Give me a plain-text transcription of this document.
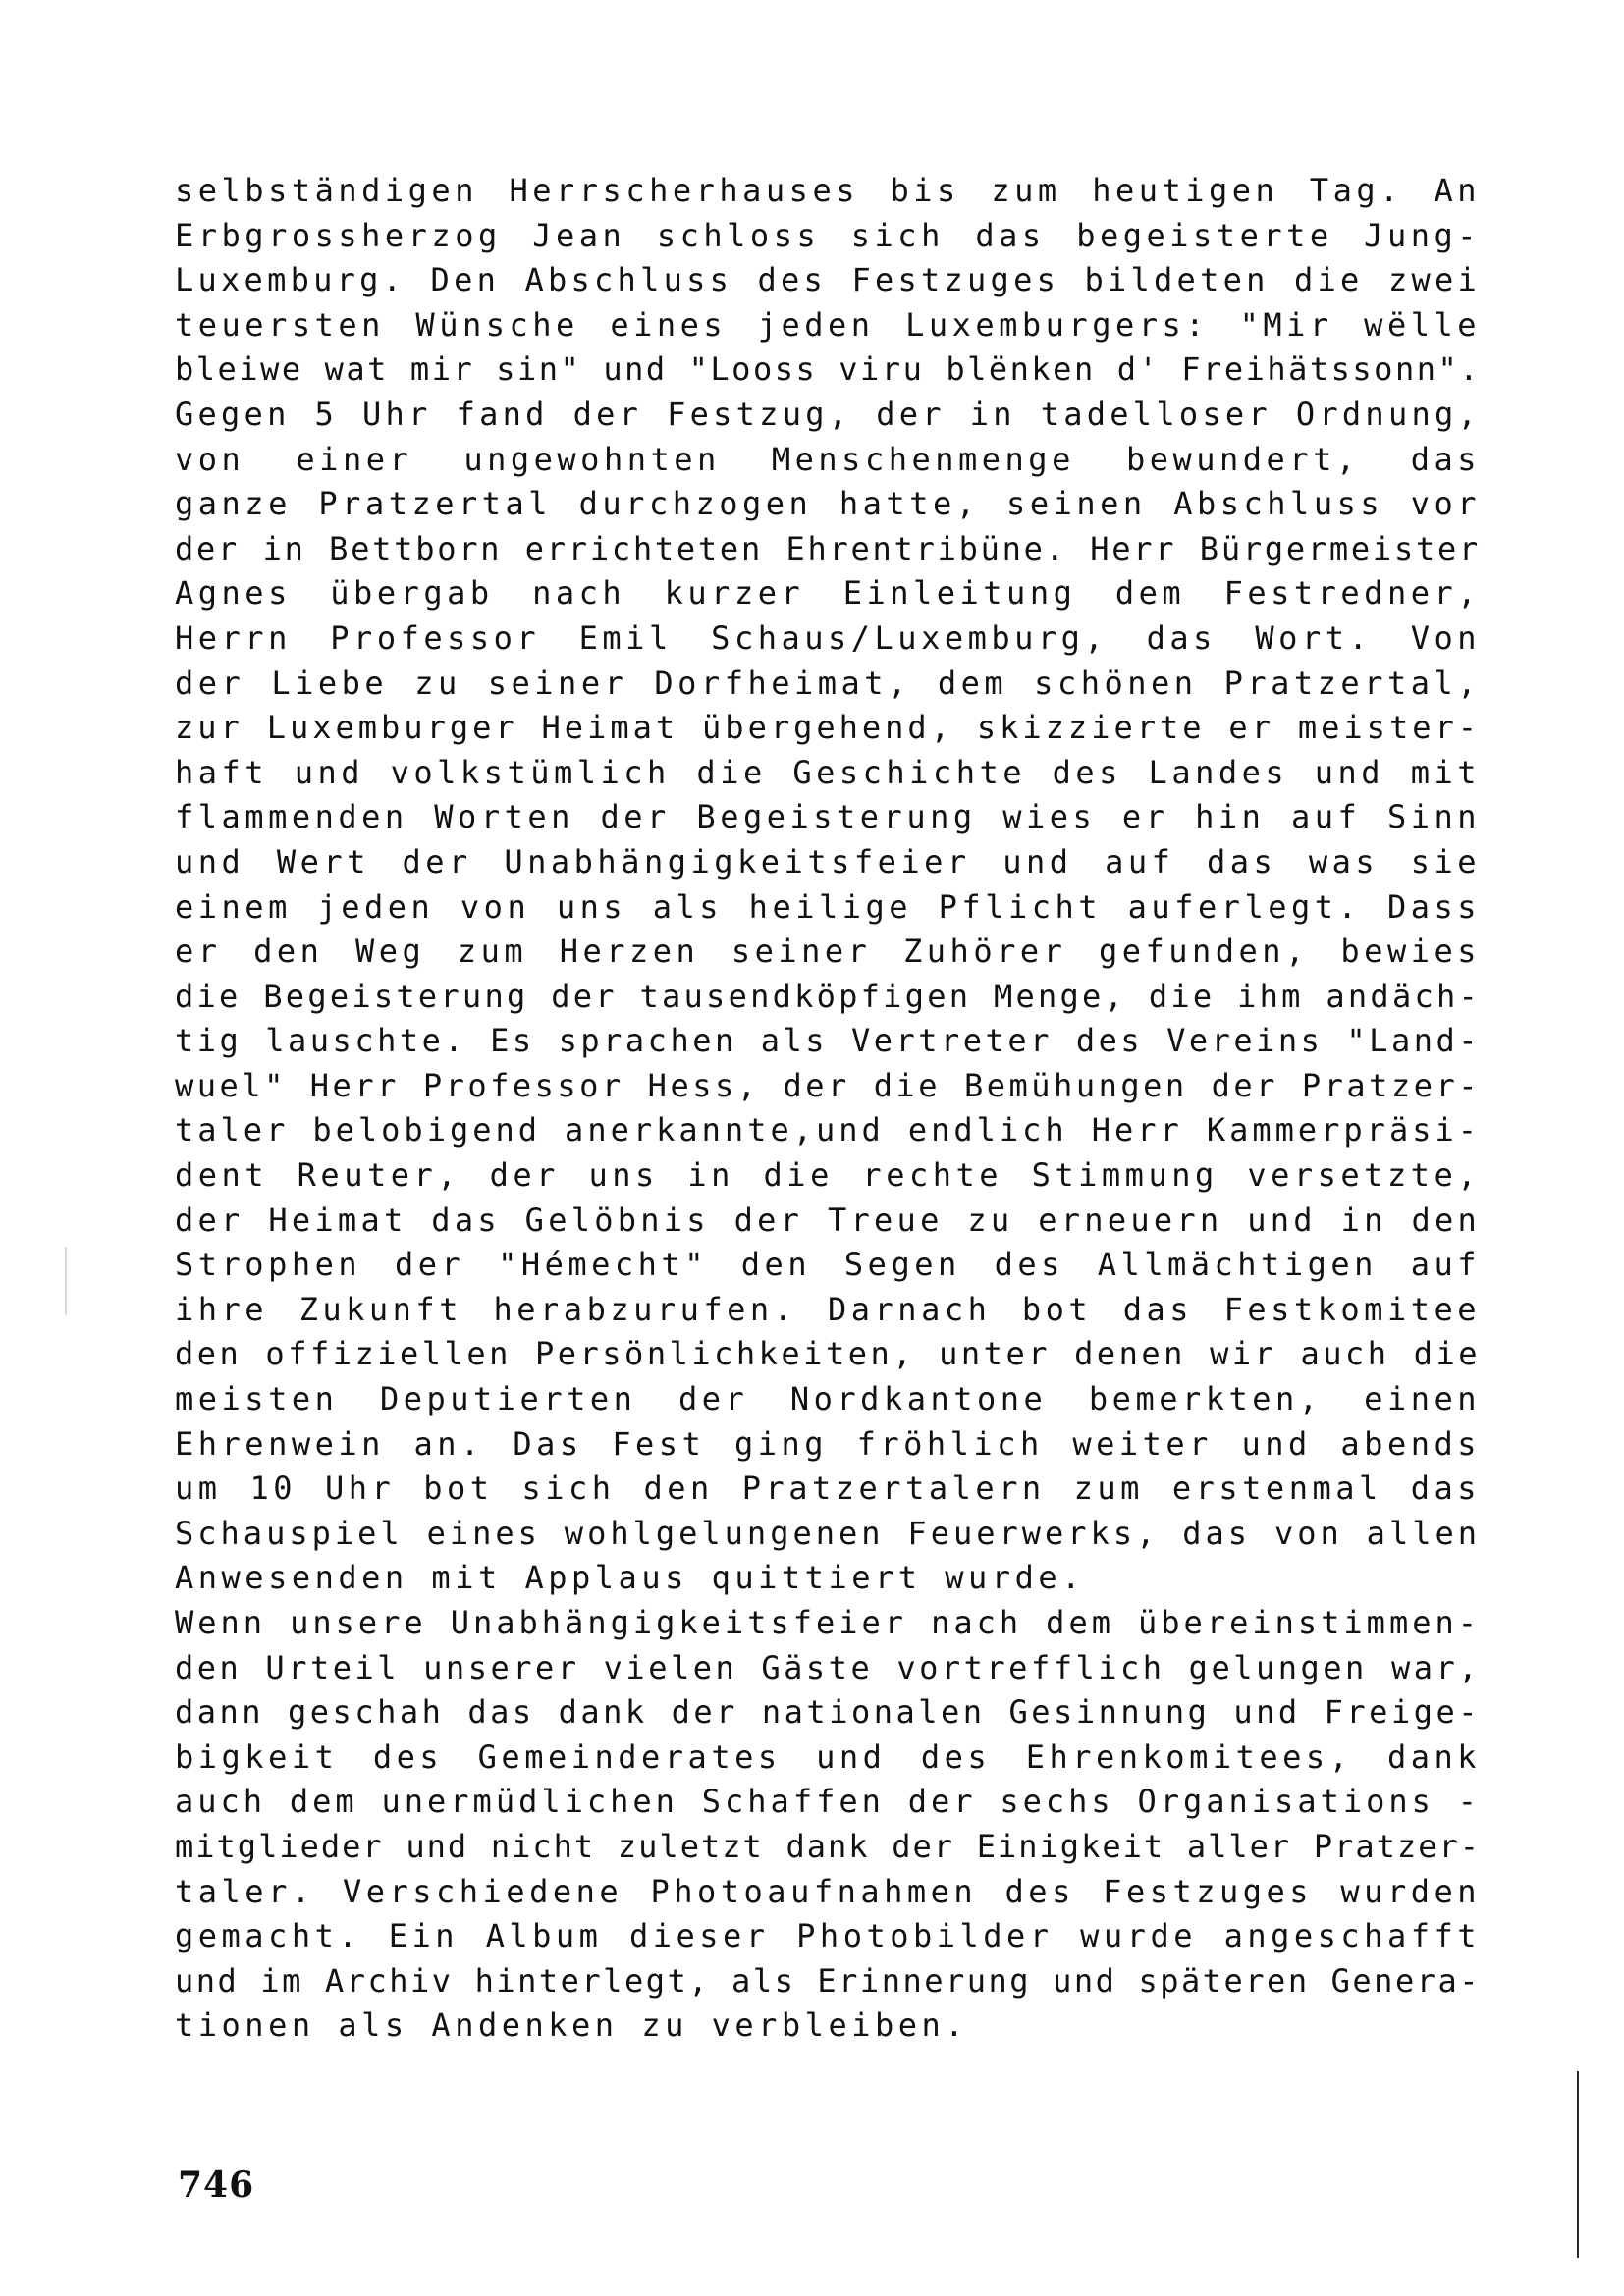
selbständigen Herrscherhauses bis zum heutigen Tag. An
Erbgrossherzog Jean schloss sich das begeisterte Jung-
Luxemburg. Den Abschluss des Festzuges bildeten die zwei
teuersten Wünsche eines jeden Luxemburgers: "Mir wëlle
bleiwe wat mir sin" und "Looss viru blënken d' Freihätssonn".
Gegen 5 Uhr fand der Festzug, der in tadelloser Ordnung,
von einer ungewohnten Menschenmenge bewundert, das
ganze Pratzertal durchzogen hatte, seinen Abschluss vor
der in Bettborn errichteten Ehrentribüne. Herr Bürgermeister
Agnes übergab nach kurzer Einleitung dem Festredner,
Herrn Professor Emil Schaus/Luxemburg, das Wort. Von
der Liebe zu seiner Dorfheimat, dem schönen Pratzertal,
zur Luxemburger Heimat übergehend, skizzierte er meister-
haft und volkstümlich die Geschichte des Landes und mit
flammenden Worten der Begeisterung wies er hin auf Sinn
und Wert der Unabhängigkeitsfeier und auf das was sie
einem jeden von uns als heilige Pflicht auferlegt. Dass
er den Weg zum Herzen seiner Zuhörer gefunden, bewies
die Begeisterung der tausendköpfigen Menge, die ihm andäch-
tig lauschte. Es sprachen als Vertreter des Vereins "Land-
wuel" Herr Professor Hess, der die Bemühungen der Pratzer-
taler belobigend anerkannte,und endlich Herr Kammerpräsi-
dent Reuter, der uns in die rechte Stimmung versetzte,
der Heimat das Gelöbnis der Treue zu erneuern und in den
Strophen der "Hémecht" den Segen des Allmächtigen auf
ihre Zukunft herabzurufen. Darnach bot das Festkomitee
den offiziellen Persönlichkeiten, unter denen wir auch die
meisten Deputierten der Nordkantone bemerkten, einen
Ehrenwein an. Das Fest ging fröhlich weiter und abends
um 10 Uhr bot sich den Pratzertalern zum erstenmal das
Schauspiel eines wohlgelungenen Feuerwerks, das von allen
Anwesenden mit Applaus quittiert wurde.
Wenn unsere Unabhängigkeitsfeier nach dem übereinstimmen-
den Urteil unserer vielen Gäste vortrefflich gelungen war,
dann geschah das dank der nationalen Gesinnung und Freige-
bigkeit des Gemeinderates und des Ehrenkomitees, dank
auch dem unermüdlichen Schaffen der sechs Organisations -
mitglieder und nicht zuletzt dank der Einigkeit aller Pratzer-
taler. Verschiedene Photoaufnahmen des Festzuges wurden
gemacht. Ein Album dieser Photobilder wurde angeschafft
und im Archiv hinterlegt, als Erinnerung und späteren Genera-
tionen als Andenken zu verbleiben.
746
